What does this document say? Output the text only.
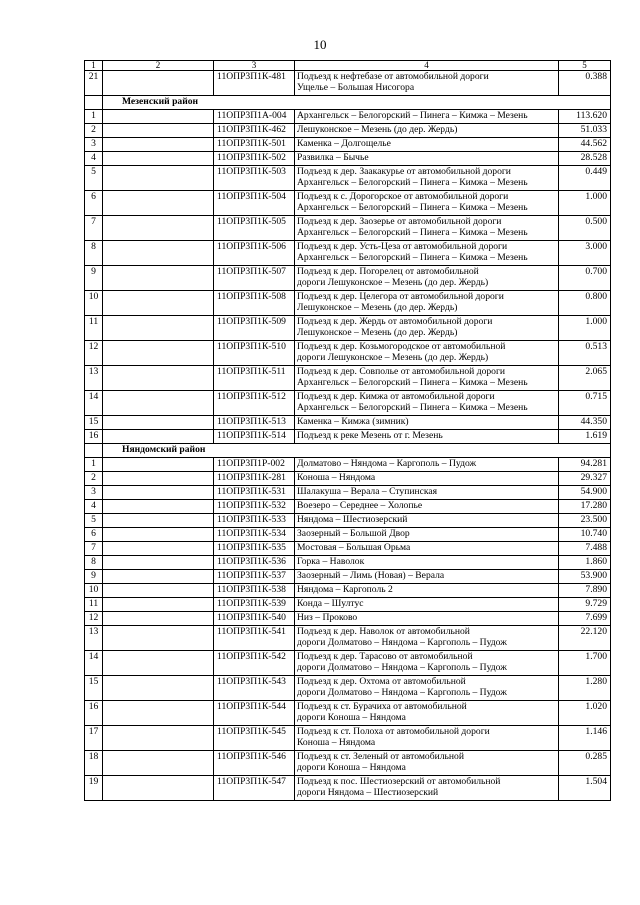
10
1	2	3	4	5
21		11ОПР3П1К-481	Подъезд к нефтебазе от автомобильной дороги
Ущелье – Большая Нисогора	0.388
	Мезенский район			
1		11ОПР3П1А-004	Архангельск – Белогорский – Пинега – Кимжа – Мезень	113.620
2		11ОПР3П1К-462	Лешуконское – Мезень (до дер. Жердь)	51.033
3		11ОПР3П1К-501	Каменка – Долгощелье	44.562
4		11ОПР3П1К-502	Развилка – Бычье	28.528
5		11ОПР3П1К-503	Подъезд к дер. Заакакурье от автомобильной дороги
Архангельск – Белогорский – Пинега – Кимжа – Мезень	0.449
6		11ОПР3П1К-504	Подъезд к с. Дорогорское от автомобильной дороги
Архангельск – Белогорский – Пинега – Кимжа – Мезень	1.000
7		11ОПР3П1К-505	Подъезд к дер. Заозерье от автомобильной дороги
Архангельск – Белогорский – Пинега – Кимжа – Мезень	0.500
8		11ОПР3П1К-506	Подъезд к дер. Усть-Цеза от автомобильной дороги
Архангельск – Белогорский – Пинега – Кимжа – Мезень	3.000
9		11ОПР3П1К-507	Подъезд к дер. Погорелец от автомобильной
дороги Лешуконское – Мезень (до дер. Жердь)	0.700
10		11ОПР3П1К-508	Подъезд к дер. Целегора от автомобильной дороги
Лешуконское – Мезень (до дер. Жердь)	0.800
11		11ОПР3П1К-509	Подъезд к дер. Жердь от автомобильной дороги
Лешуконское – Мезень (до дер. Жердь)	1.000
12		11ОПР3П1К-510	Подъезд к дер. Козьмогородское от автомобильной
дороги Лешуконское – Мезень (до дер. Жердь)	0.513
13		11ОПР3П1К-511	Подъезд к дер. Совполье от автомобильной дороги
Архангельск – Белогорский – Пинега – Кимжа – Мезень	2.065
14		11ОПР3П1К-512	Подъезд к дер. Кимжа от автомобильной дороги
Архангельск – Белогорский – Пинега – Кимжа – Мезень	0.715
15		11ОПР3П1К-513	Каменка – Кимжа (зимник)	44.350
16		11ОПР3П1К-514	Подъезд к реке Мезень от г. Мезень	1.619
	Няндомский район			
1		11ОПР3П1Р-002	Долматово – Няндома – Каргополь – Пудож	94.281
2		11ОПР3П1К-281	Коноша – Няндома	29.327
3		11ОПР3П1К-531	Шалакуша – Верала – Ступинская	54.900
4		11ОПР3П1К-532	Воезеро – Середнее – Холопье	17.280
5		11ОПР3П1К-533	Няндома – Шестиозерский	23.500
6		11ОПР3П1К-534	Заозерный – Большой Двор	10.740
7		11ОПР3П1К-535	Мостовая – Большая Орьма	7.488
8		11ОПР3П1К-536	Горка – Наволок	1.860
9		11ОПР3П1К-537	Заозерный – Лимь (Новая) – Верала	53.900
10		11ОПР3П1К-538	Няндома – Каргополь 2	7.890
11		11ОПР3П1К-539	Конда – Шултус	9.729
12		11ОПР3П1К-540	Низ – Проково	7.699
13		11ОПР3П1К-541	Подъезд к дер. Наволок от автомобильной
дороги Долматово – Няндома – Каргополь – Пудож	22.120
14		11ОПР3П1К-542	Подъезд к дер. Тарасово от автомобильной
дороги Долматово – Няндома – Каргополь – Пудож	1.700
15		11ОПР3П1К-543	Подъезд к дер. Охтома от автомобильной
дороги Долматово – Няндома – Каргополь – Пудож	1.280
16		11ОПР3П1К-544	Подъезд к ст. Бурачиха от автомобильной
дороги Коноша – Няндома	1.020
17		11ОПР3П1К-545	Подъезд к ст. Полоха от автомобильной дороги
Коноша – Няндома	1.146
18		11ОПР3П1К-546	Подъезд к ст. Зеленый от автомобильной
дороги Коноша – Няндома	0.285
19		11ОПР3П1К-547	Подъезд к пос. Шестиозерский от автомобильной
дороги Няндома – Шестиозерский	1.504
